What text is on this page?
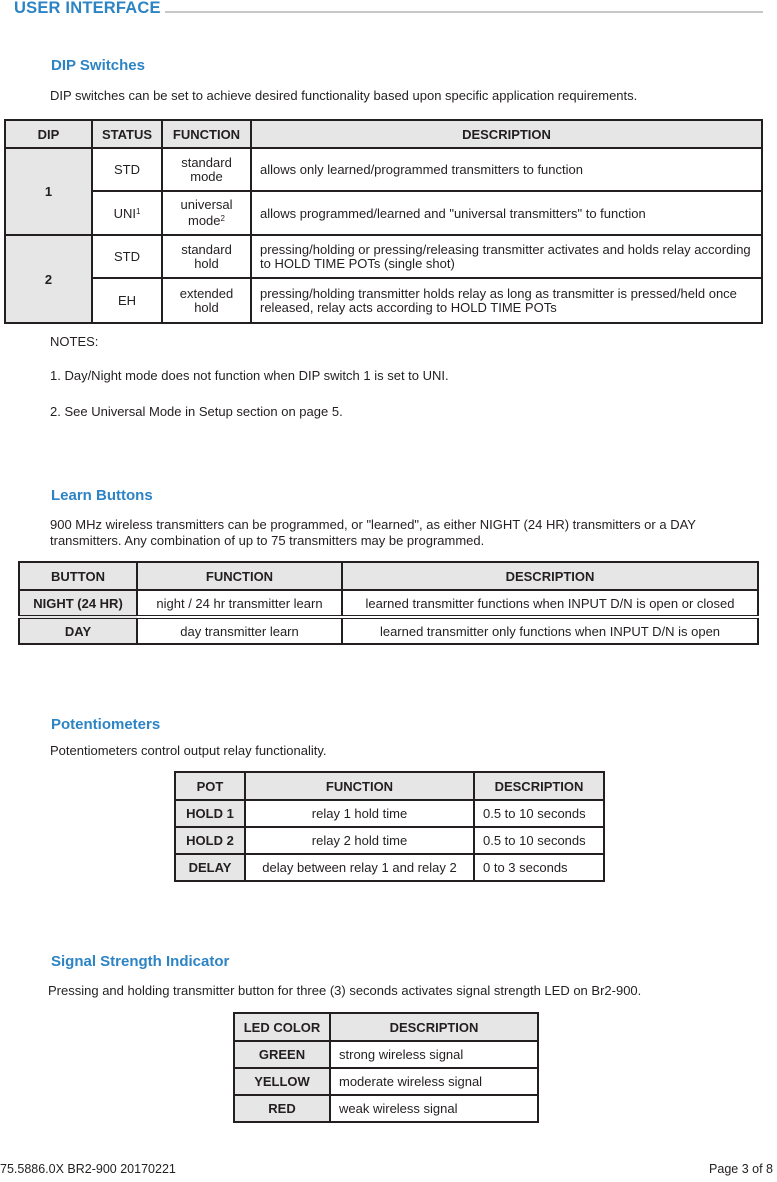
USER INTERFACE
DIP Switches
DIP switches can be set to achieve desired functionality based upon specific application requirements.
DIP	STATUS	FUNCTION	DESCRIPTION
1	STD	standard mode	allows only learned/programmed transmitters to function
	UNI$^1$	universal mode$^2$	allows programmed/learned and "universal transmitters" to function
2	STD	standard hold	pressing/holding or pressing/releasing transmitter activates and holds relay according to HOLD TIME POTs (single shot)
	EH	extended hold	pressing/holding transmitter holds relay as long as transmitter is pressed/held once released, relay acts according to HOLD TIME POTs
NOTES:
1. Day/Night mode does not function when DIP switch 1 is set to UNI.
2. See Universal Mode in Setup section on page 5.
Learn Buttons
900 MHz wireless transmitters can be programmed, or "learned", as either NIGHT (24 HR) transmitters or a DAY transmitters. Any combination of up to 75 transmitters may be programmed.
BUTTON	FUNCTION	DESCRIPTION
NIGHT (24 HR)	night / 24 hr transmitter learn	learned transmitter functions when INPUT D/N is open or closed
DAY	day transmitter learn	learned transmitter only functions when INPUT D/N is open
Potentiometers
Potentiometers control output relay functionality.
POT	FUNCTION	DESCRIPTION
HOLD 1	relay 1 hold time	0.5 to 10 seconds
HOLD 2	relay 2 hold time	0.5 to 10 seconds
DELAY	delay between relay 1 and relay 2	0 to 3 seconds
Signal Strength Indicator
Pressing and holding transmitter button for three (3) seconds activates signal strength LED on Br2-900.
LED COLOR	DESCRIPTION
GREEN	strong wireless signal
YELLOW	moderate wireless signal
RED	weak wireless signal
75.5886.0X BR2-900 20170221	Page 3 of 8
